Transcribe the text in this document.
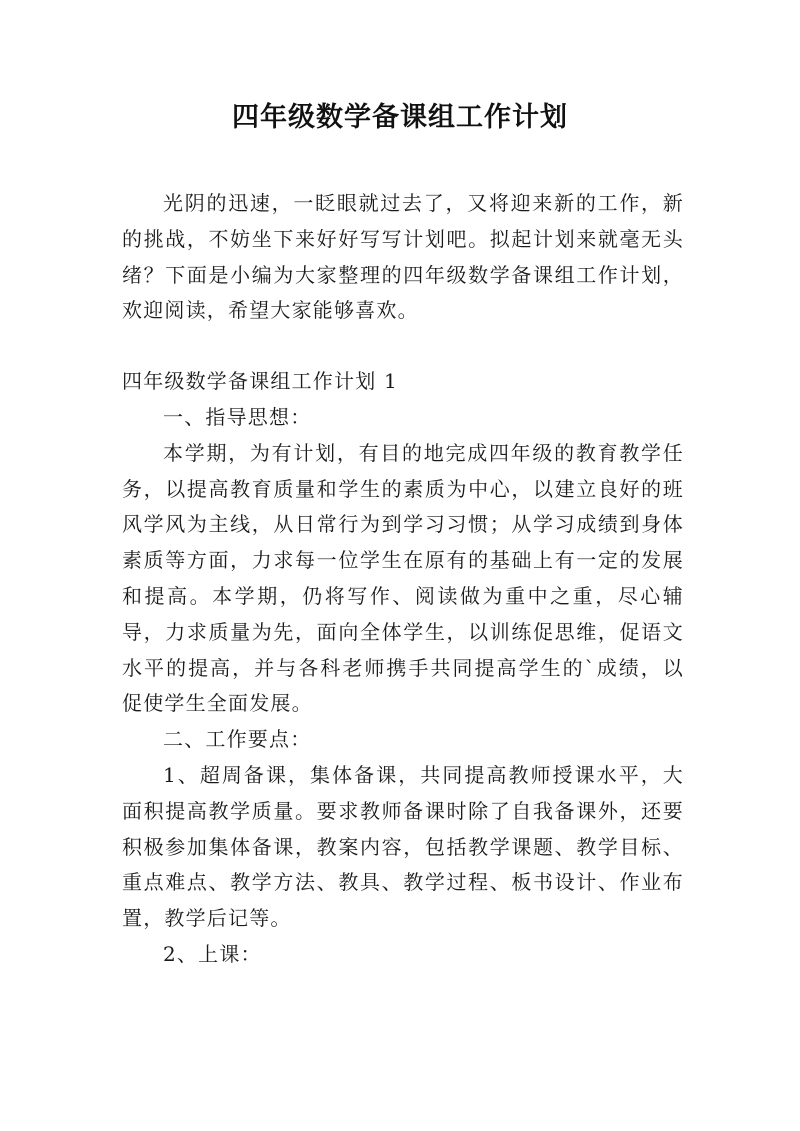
四年级数学备课组工作计划

光阴的迅速，一眨眼就过去了，又将迎来新的工作，新的挑战，不妨坐下来好好写写计划吧。拟起计划来就毫无头绪？下面是小编为大家整理的四年级数学备课组工作计划，欢迎阅读，希望大家能够喜欢。

四年级数学备课组工作计划 1

一、指导思想：

本学期，为有计划，有目的地完成四年级的教育教学任务，以提高教育质量和学生的素质为中心，以建立良好的班风学风为主线，从日常行为到学习习惯；从学习成绩到身体素质等方面，力求每一位学生在原有的基础上有一定的发展和提高。本学期，仍将写作、阅读做为重中之重，尽心辅导，力求质量为先，面向全体学生，以训练促思维，促语文水平的提高，并与各科老师携手共同提高学生的`成绩，以促使学生全面发展。

二、工作要点：

1、超周备课，集体备课，共同提高教师授课水平，大面积提高教学质量。要求教师备课时除了自我备课外，还要积极参加集体备课，教案内容，包括教学课题、教学目标、重点难点、教学方法、教具、教学过程、板书设计、作业布置，教学后记等。

2、上课：
